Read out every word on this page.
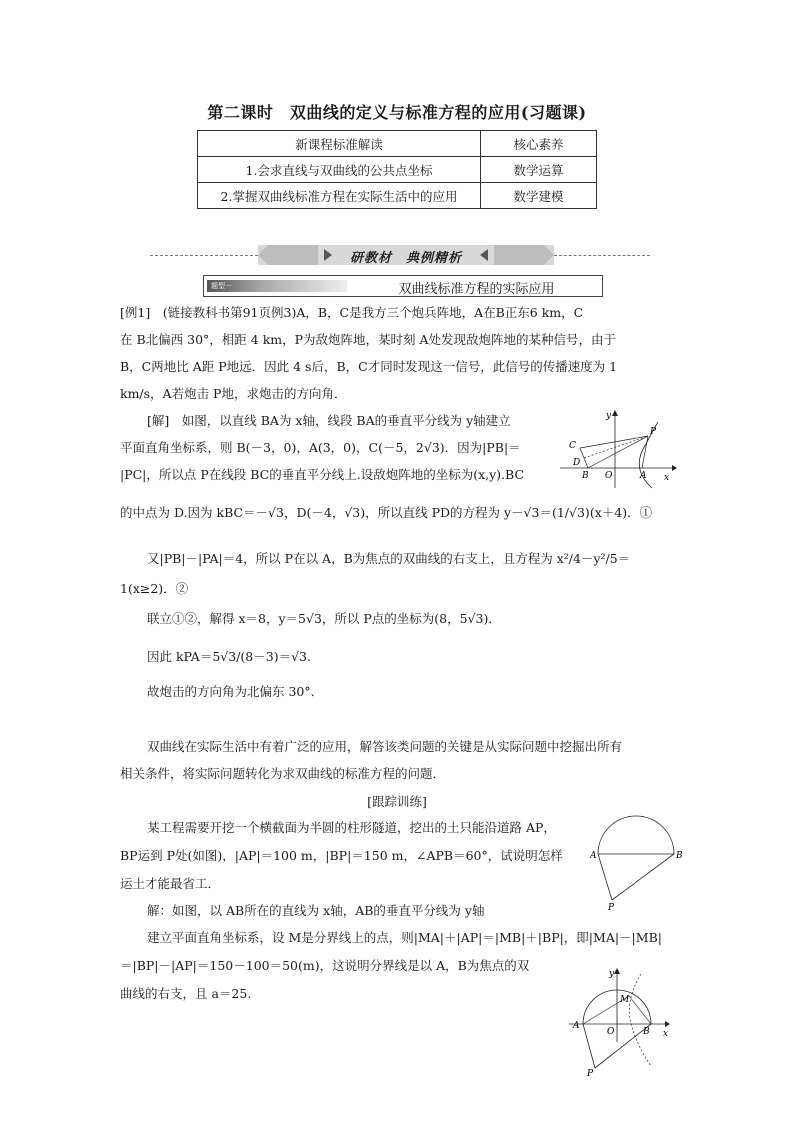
第二课时　双曲线的定义与标准方程的应用(习题课)
新课程标准解读	核心素养
1.会求直线与双曲线的公共点坐标	数学运算
2.掌握双曲线标准方程在实际生活中的应用	数学建模
研教材　典例精析
题型一	双曲线标准方程的实际应用
[例1]　(链接教科书第91页例3)A，B，C是我方三个炮兵阵地，A在B正东6 km，C
在 B北偏西 30°，相距 4 km，P为敌炮阵地，某时刻 A处发现敌炮阵地的某种信号，由于
B，C两地比 A距 P地远．因此 4 s后，B，C才同时发现这一信号，此信号的传播速度为 1
km/s，A若炮击 P地，求炮击的方向角．
[解]　如图，以直线 BA为 x轴，线段 BA的垂直平分线为 y轴建立
平面直角坐标系，则 B(－3，0)，A(3，0)，C(－5，2√3)．因为|PB|＝
|PC|，所以点 P在线段 BC的垂直平分线上.设敌炮阵地的坐标为(x,y).BC
的中点为 D.因为 kBC＝－√3，D(－4，√3)，所以直线 PD的方程为 y－√3＝(1/√3)(x＋4)．①
又|PB|－|PA|＝4，所以 P在以 A，B为焦点的双曲线的右支上，且方程为 x²/4－y²/5＝
1(x≥2)．②
联立①②，解得 x＝8，y＝5√3，所以 P点的坐标为(8，5√3)．
因此 kPA＝5√3/(8－3)＝√3.
故炮击的方向角为北偏东 30°．
双曲线在实际生活中有着广泛的应用，解答该类问题的关键是从实际问题中挖掘出所有
相关条件，将实际问题转化为求双曲线的标准方程的问题．
[跟踪训练]
某工程需要开挖一个横截面为半圆的柱形隧道，挖出的土只能沿道路 AP，
BP运到 P处(如图)，|AP|＝100 m，|BP|＝150 m，∠APB＝60°，试说明怎样
运土才能最省工．
解：如图，以 AB所在的直线为 x轴，AB的垂直平分线为 y轴
建立平面直角坐标系，设 M是分界线上的点，则|MA|＋|AP|＝|MB|＋|BP|，即|MA|－|MB|
＝|BP|－|AP|＝150－100＝50(m)，这说明分界线是以 A，B为焦点的双
曲线的右支，且 a＝25.
y
x
P
C
D
B O	A
A	B
P
y
x
M
A
O	B
P
